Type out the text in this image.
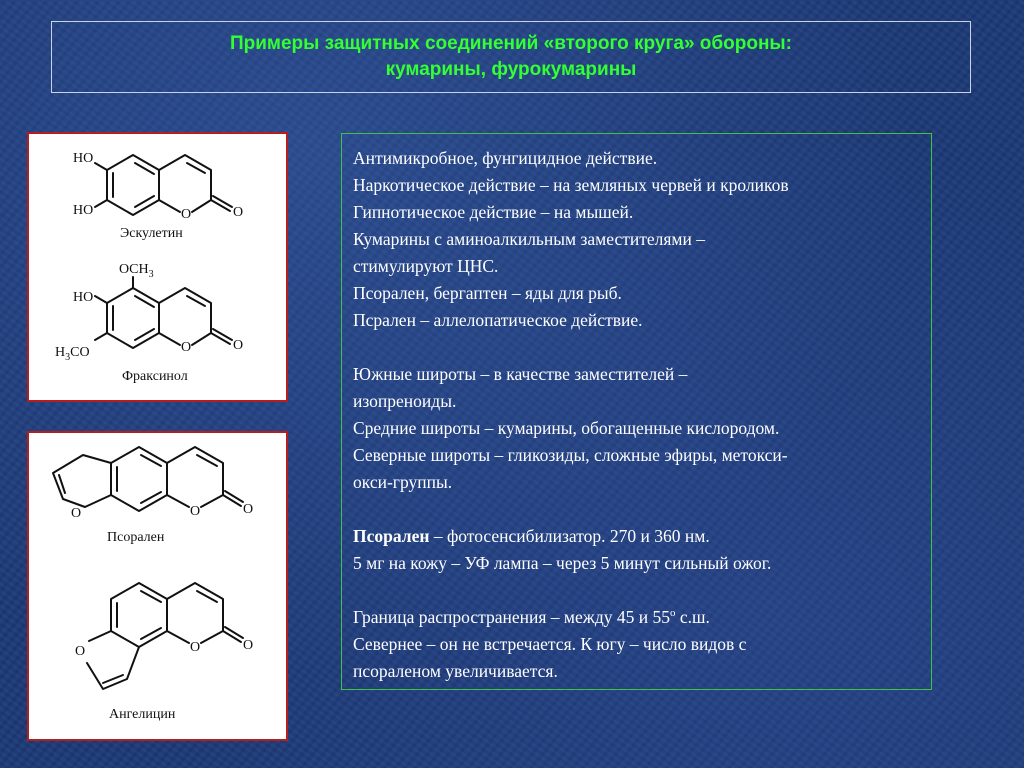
Примеры защитных соединений «второго круга» обороны:
кумарины, фурокумарины
HO
HO	O	O
Эскулетин
$OCH_3$
HO
$H_3CO$	O	O
Фраксинол
O	O	O
Псорален
O	O	O
Ангелицин

Антимикробное, фунгицидное действие.

Наркотическое действие – на земляных червей и кроликов

Гипнотическое действие – на мышей.

Кумарины с аминоалкильным заместителями –

стимулируют ЦНС.

Псорален, бергаптен – яды для рыб.

Псрален – аллелопатическое действие.

Южные широты – в качестве заместителей –

изопреноиды.

Средние широты – кумарины, обогащенные кислородом.

Северные широты – гликозиды, сложные эфиры, метокси-

окси-группы.

Псорален – фотосенсибилизатор. 270 и 360 нм.

5 мг на кожу – УФ лампа – через 5 минут сильный ожог.

Граница распространения – между 45 и $55^о$ с.ш.

Севернее – он не встречается. К югу – число видов с

псораленом увеличивается.
